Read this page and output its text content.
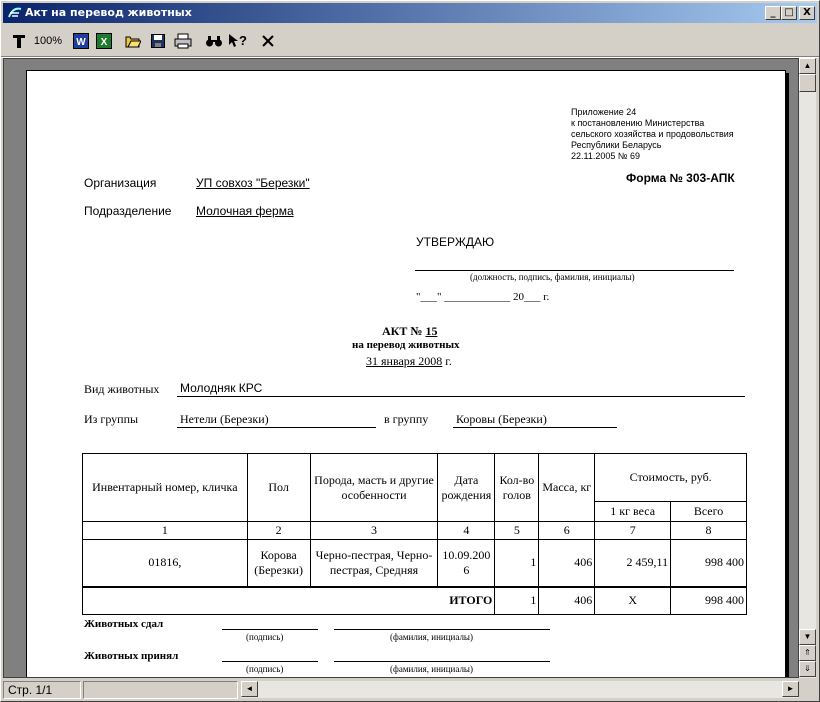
Акт на перевод животных	_ □ X
100%	W X	?
Приложение 24
к постановлению Министерства
сельского хозяйства и продовольствия
Республики Беларусь
22.11.2005 № 69
Форма № 303-АПК
Организация	УП совхоз "Березки"
Подразделение Молочная ферма
УТВЕРЖДАЮ
(должность, подпись, фамилия, инициалы)
"___" ____________ 20___ г.
АКТ № 15
на перевод животных
31 января 2008 г.
Вид животных Молодняк КРС
Из группы	Нетели (Березки)	в группу Коровы (Березки)
Инвентарный номер, кличка	Пол	Порода, масть и другие особенности	Дата рождения	Кол-во голов	Масса, кг	Стоимость, руб.	
						1 кг веса	Всего
1	2	3	4	5	6	7	8
01816,	Корова (Березки)	Черно-пестрая, Черно-пестрая, Средняя	10.09.2006	1	406	2 459,11	998 400
ИТОГО				1	406	X	998 400
Животных сдал
(подпись)	(фамилия, инициалы)
Животных принял
(подпись)	(фамилия, инициалы)
▲
▼
⇑
⇓
Стр. 1/1	◄	►
